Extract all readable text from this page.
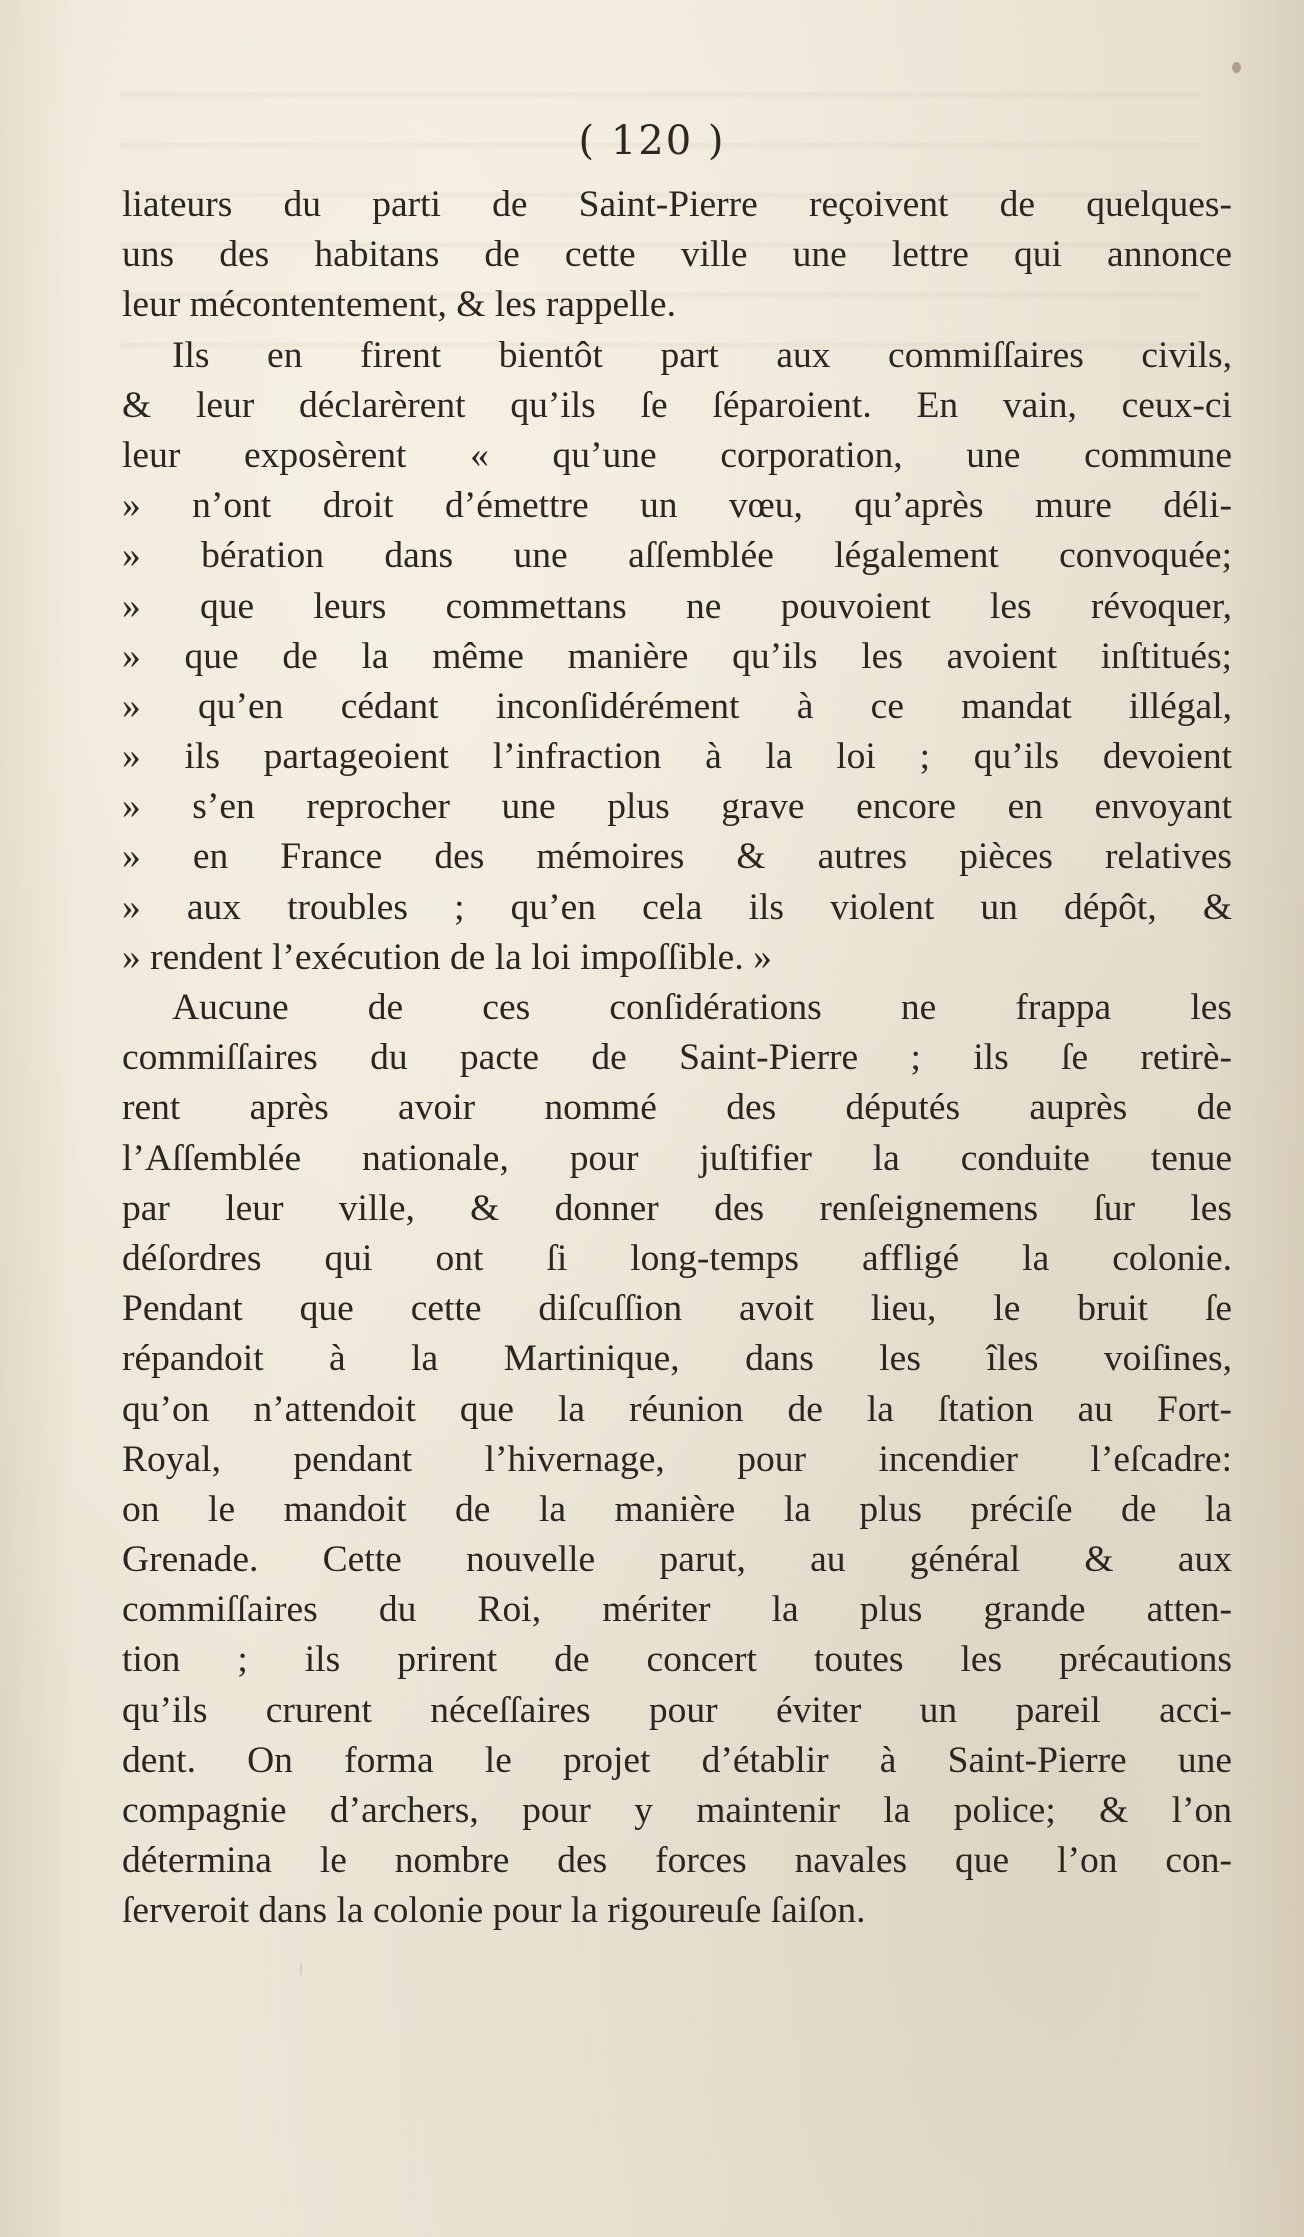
( 120 )
liateurs du parti de Saint-Pierre reçoivent de quelques-
uns des habitans de cette ville une lettre qui annonce
leur mécontentement, & les rappelle.
Ils en firent bientôt part aux commiſſaires civils,
& leur déclarèrent qu’ils ſe ſéparoient. En vain, ceux-ci
leur exposèrent « qu’une corporation, une commune
» n’ont droit d’émettre un vœu, qu’après mure déli-
» bération dans une aſſemblée légalement convoquée;
» que leurs commettans ne pouvoient les révoquer,
» que de la même manière qu’ils les avoient inſtitués;
» qu’en cédant inconſidérément à ce mandat illégal,
» ils partageoient l’infraction à la loi ; qu’ils devoient
» s’en reprocher une plus grave encore en envoyant
» en France des mémoires & autres pièces relatives
» aux troubles ; qu’en cela ils violent un dépôt, &
» rendent l’exécution de la loi impoſſible. »
Aucune de ces conſidérations ne frappa les
commiſſaires du pacte de Saint-Pierre ; ils ſe retirè-
rent après avoir nommé des députés auprès de
l’Aſſemblée nationale, pour juſtifier la conduite tenue
par leur ville, & donner des renſeignemens ſur les
déſordres qui ont ſi long-temps affligé la colonie.
Pendant que cette diſcuſſion avoit lieu, le bruit ſe
répandoit à la Martinique, dans les îles voiſines,
qu’on n’attendoit que la réunion de la ſtation au Fort-
Royal, pendant l’hivernage, pour incendier l’eſcadre:
on le mandoit de la manière la plus préciſe de la
Grenade. Cette nouvelle parut, au général & aux
commiſſaires du Roi, mériter la plus grande atten-
tion ; ils prirent de concert toutes les précautions
qu’ils crurent néceſſaires pour éviter un pareil acci-
dent. On forma le projet d’établir à Saint-Pierre une
compagnie d’archers, pour y maintenir la police; & l’on
détermina le nombre des forces navales que l’on con-
ſerveroit dans la colonie pour la rigoureuſe ſaiſon.
